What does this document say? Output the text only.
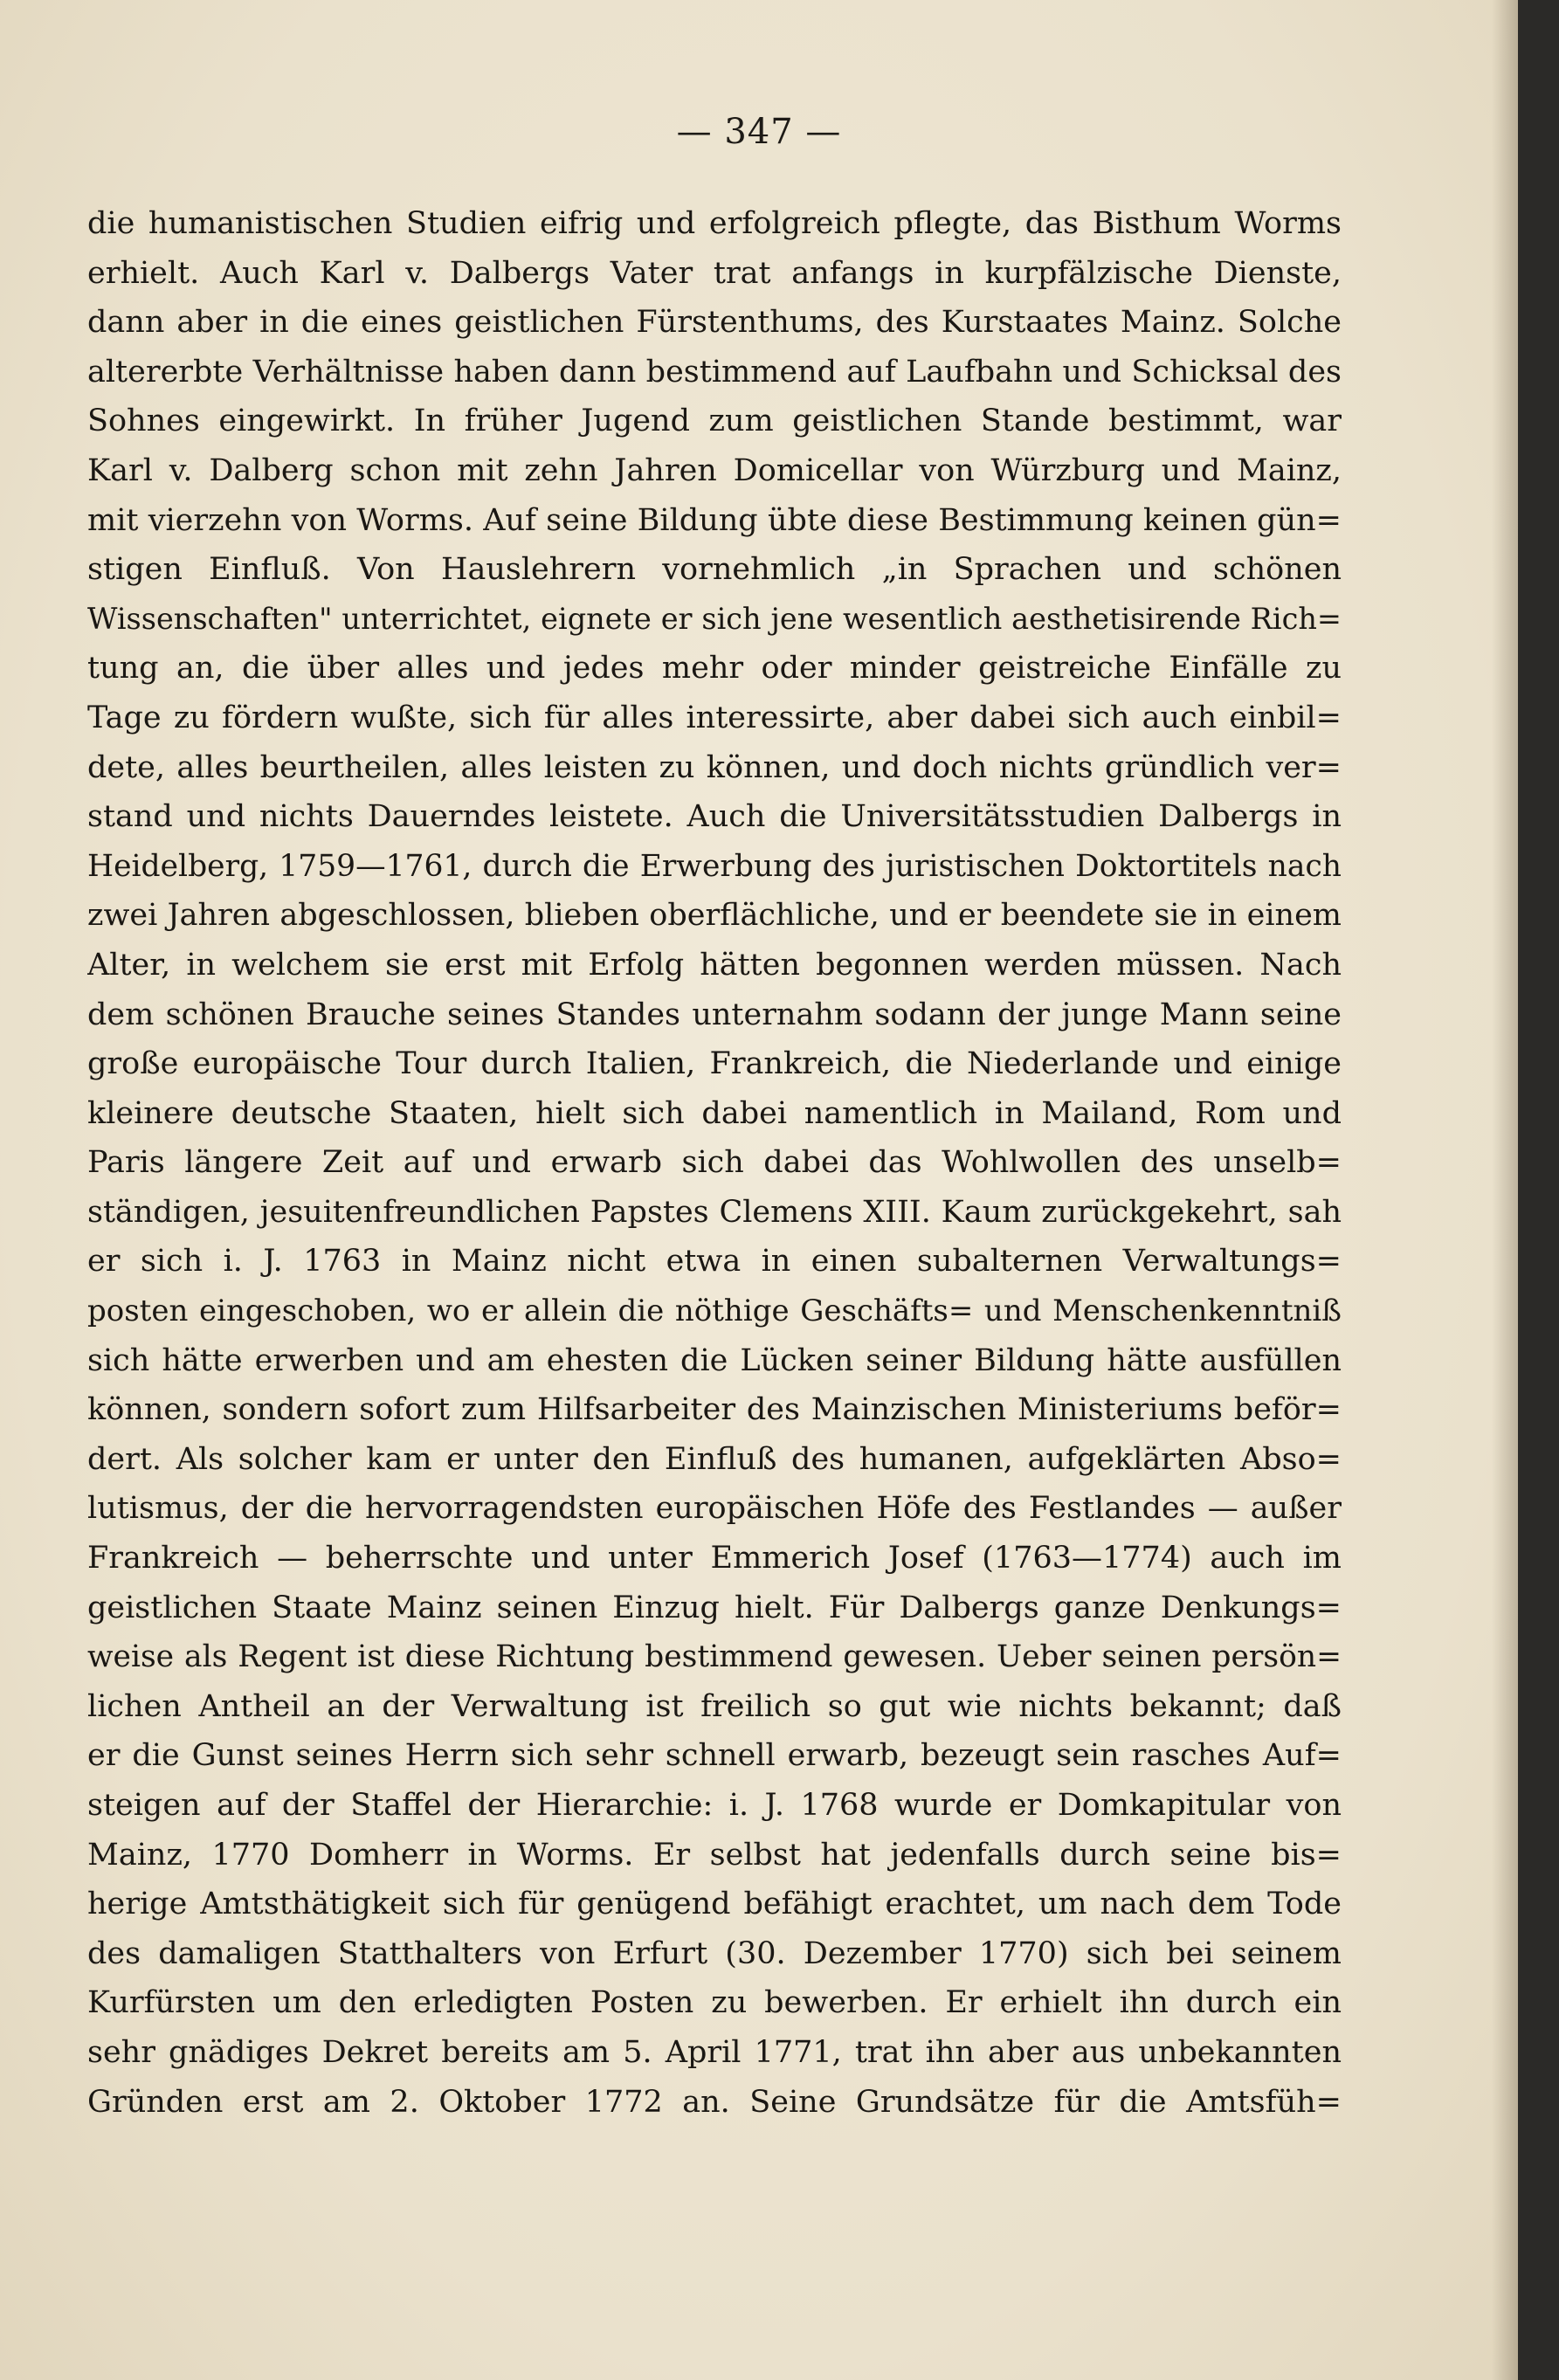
— 347 —
die humanistischen Studien eifrig und erfolgreich pflegte, das Bisthum Worms
erhielt. Auch Karl v. Dalbergs Vater trat anfangs in kurpfälzische Dienste,
dann aber in die eines geistlichen Fürstenthums, des Kurstaates Mainz. Solche
altererbte Verhältnisse haben dann bestimmend auf Laufbahn und Schicksal des
Sohnes eingewirkt. In früher Jugend zum geistlichen Stande bestimmt, war
Karl v. Dalberg schon mit zehn Jahren Domicellar von Würzburg und Mainz,
mit vierzehn von Worms. Auf seine Bildung übte diese Bestimmung keinen gün=
stigen Einfluß. Von Hauslehrern vornehmlich „in Sprachen und schönen
Wissenschaften" unterrichtet, eignete er sich jene wesentlich aesthetisirende Rich=
tung an, die über alles und jedes mehr oder minder geistreiche Einfälle zu
Tage zu fördern wußte, sich für alles interessirte, aber dabei sich auch einbil=
dete, alles beurtheilen, alles leisten zu können, und doch nichts gründlich ver=
stand und nichts Dauerndes leistete. Auch die Universitätsstudien Dalbergs in
Heidelberg, 1759—1761, durch die Erwerbung des juristischen Doktortitels nach
zwei Jahren abgeschlossen, blieben oberflächliche, und er beendete sie in einem
Alter, in welchem sie erst mit Erfolg hätten begonnen werden müssen. Nach
dem schönen Brauche seines Standes unternahm sodann der junge Mann seine
große europäische Tour durch Italien, Frankreich, die Niederlande und einige
kleinere deutsche Staaten, hielt sich dabei namentlich in Mailand, Rom und
Paris längere Zeit auf und erwarb sich dabei das Wohlwollen des unselb=
ständigen, jesuitenfreundlichen Papstes Clemens XIII. Kaum zurückgekehrt, sah
er sich i. J. 1763 in Mainz nicht etwa in einen subalternen Verwaltungs=
posten eingeschoben, wo er allein die nöthige Geschäfts= und Menschenkenntniß
sich hätte erwerben und am ehesten die Lücken seiner Bildung hätte ausfüllen
können, sondern sofort zum Hilfsarbeiter des Mainzischen Ministeriums beför=
dert. Als solcher kam er unter den Einfluß des humanen, aufgeklärten Abso=
lutismus, der die hervorragendsten europäischen Höfe des Festlandes — außer
Frankreich — beherrschte und unter Emmerich Josef (1763—1774) auch im
geistlichen Staate Mainz seinen Einzug hielt. Für Dalbergs ganze Denkungs=
weise als Regent ist diese Richtung bestimmend gewesen. Ueber seinen persön=
lichen Antheil an der Verwaltung ist freilich so gut wie nichts bekannt; daß
er die Gunst seines Herrn sich sehr schnell erwarb, bezeugt sein rasches Auf=
steigen auf der Staffel der Hierarchie: i. J. 1768 wurde er Domkapitular von
Mainz, 1770 Domherr in Worms. Er selbst hat jedenfalls durch seine bis=
herige Amtsthätigkeit sich für genügend befähigt erachtet, um nach dem Tode
des damaligen Statthalters von Erfurt (30. Dezember 1770) sich bei seinem
Kurfürsten um den erledigten Posten zu bewerben. Er erhielt ihn durch ein
sehr gnädiges Dekret bereits am 5. April 1771, trat ihn aber aus unbekannten
Gründen erst am 2. Oktober 1772 an. Seine Grundsätze für die Amtsfüh=
